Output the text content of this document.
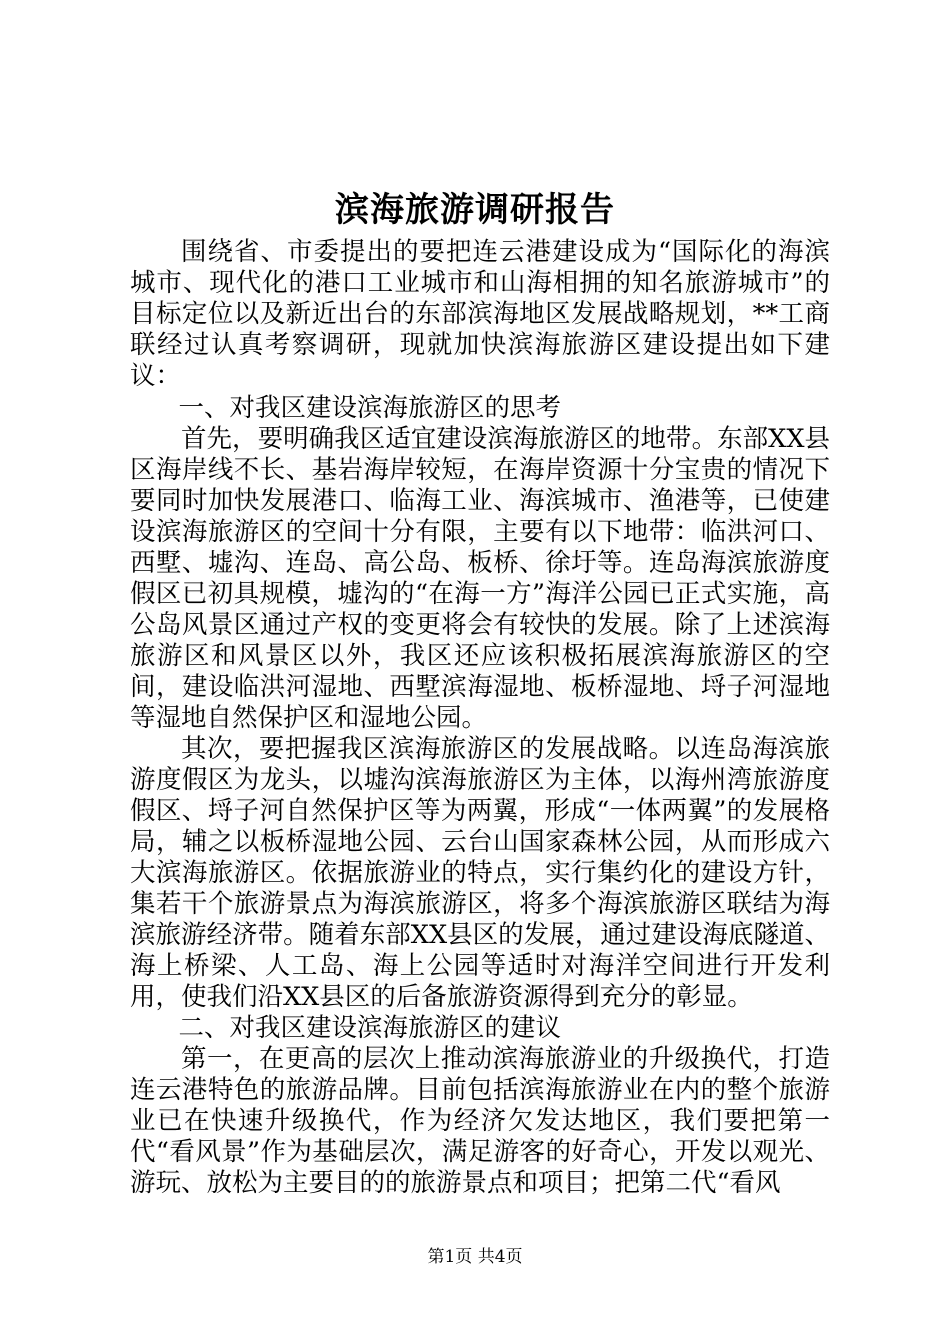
滨海旅游调研报告

围绕省、市委提出的要把连云港建设成为“国际化的海滨城市、现代化的港口工业城市和山海相拥的知名旅游城市”的目标定位以及新近出台的东部滨海地区发展战略规划，**工商联经过认真考察调研，现就加快滨海旅游区建设提出如下建议：

一、对我区建设滨海旅游区的思考

首先，要明确我区适宜建设滨海旅游区的地带。东部XX县区海岸线不长、基岩海岸较短，在海岸资源十分宝贵的情况下要同时加快发展港口、临海工业、海滨城市、渔港等，已使建设滨海旅游区的空间十分有限，主要有以下地带：临洪河口、西墅、墟沟、连岛、高公岛、板桥、徐圩等。连岛海滨旅游度假区已初具规模，墟沟的“在海一方”海洋公园已正式实施，高公岛风景区通过产权的变更将会有较快的发展。除了上述滨海旅游区和风景区以外，我区还应该积极拓展滨海旅游区的空间，建设临洪河湿地、西墅滨海湿地、板桥湿地、埒子河湿地等湿地自然保护区和湿地公园。

其次，要把握我区滨海旅游区的发展战略。以连岛海滨旅游度假区为龙头，以墟沟滨海旅游区为主体，以海州湾旅游度假区、埒子河自然保护区等为两翼，形成“一体两翼”的发展格局，辅之以板桥湿地公园、云台山国家森林公园，从而形成六大滨海旅游区。依据旅游业的特点，实行集约化的建设方针，集若干个旅游景点为海滨旅游区，将多个海滨旅游区联结为海滨旅游经济带。随着东部XX县区的发展，通过建设海底隧道、海上桥梁、人工岛、海上公园等适时对海洋空间进行开发利用，使我们沿XX县区的后备旅游资源得到充分的彰显。

二、对我区建设滨海旅游区的建议

第一，在更高的层次上推动滨海旅游业的升级换代，打造连云港特色的旅游品牌。目前包括滨海旅游业在内的整个旅游业已在快速升级换代，作为经济欠发达地区，我们要把第一代“看风景”作为基础层次，满足游客的好奇心，开发以观光、游玩、放松为主要目的的旅游景点和项目；把第二代“看风

第1页 共4页
